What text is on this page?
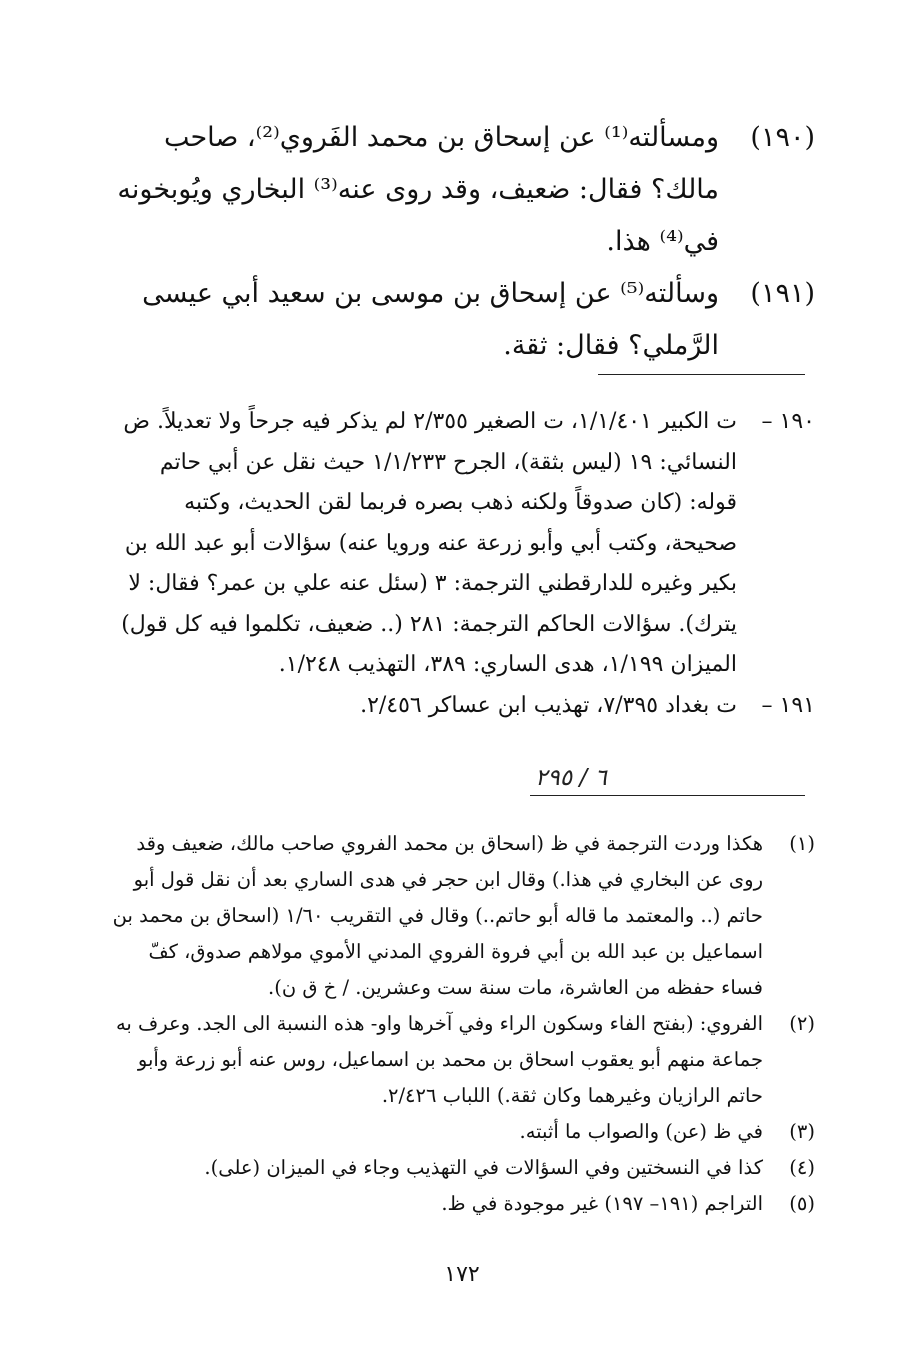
(١٩٠)
ومسألته⁽¹⁾ عن إسحاق بن محمد الفَروي⁽²⁾، صاحب مالك؟ فقال: ضعيف، وقد روى عنه⁽³⁾ البخاري ويُوبخونه في⁽⁴⁾ هذا.

(١٩١)
وسألته⁽⁵⁾ عن إسحاق بن موسى بن سعيد أبي عيسى الرَّملي؟ فقال: ثقة.

١٩٠ –
ت الكبير ١/١/٤٠١، ت الصغير ٢/٣٥٥ لم يذكر فيه جرحاً ولا تعديلاً. ض النسائي: ١٩ (ليس بثقة)، الجرح ١/١/٢٣٣ حيث نقل عن أبي حاتم قوله: (كان صدوقاً ولكنه ذهب بصره فربما لقن الحديث، وكتبه صحيحة، وكتب أبي وأبو زرعة عنه ورويا عنه) سؤالات أبو عبد الله بن بكير وغيره للدارقطني الترجمة: ٣ (سئل عنه علي بن عمر؟ فقال: لا يترك). سؤالات الحاكم الترجمة: ٢٨١ (.. ضعيف، تكلموا فيه كل قول) الميزان ١/١٩٩، هدى الساري: ٣٨٩، التهذيب ١/٢٤٨.

١٩١ –
ت بغداد ٧/٣٩٥، تهذيب ابن عساكر ٢/٤٥٦.

٦ / ٢٩٥

(١)
هكذا وردت الترجمة في ظ (اسحاق بن محمد الفروي صاحب مالك، ضعيف وقد روى عن البخاري في هذا.) وقال ابن حجر في هدى الساري بعد أن نقل قول أبو حاتم (.. والمعتمد ما قاله أبو حاتم..) وقال في التقريب ١/٦٠ (اسحاق بن محمد بن اسماعيل بن عبد الله بن أبي فروة الفروي المدني الأموي مولاهم صدوق، كفّ فساء حفظه من العاشرة، مات سنة ست وعشرين. / خ ق ن).

(٢)
الفروي: (بفتح الفاء وسكون الراء وفي آخرها واو- هذه النسبة الى الجد. وعرف به جماعة منهم أبو يعقوب اسحاق بن محمد بن اسماعيل، روس عنه أبو زرعة وأبو حاتم الرازيان وغيرهما وكان ثقة.) اللباب ٢/٤٢٦.

(٣)
في ظ (عن) والصواب ما أثبته.

(٤)
كذا في النسختين وفي السؤالات في التهذيب وجاء في الميزان (على).

(٥)
التراجم (١٩١– ١٩٧) غير موجودة في ظ.

١٧٢
